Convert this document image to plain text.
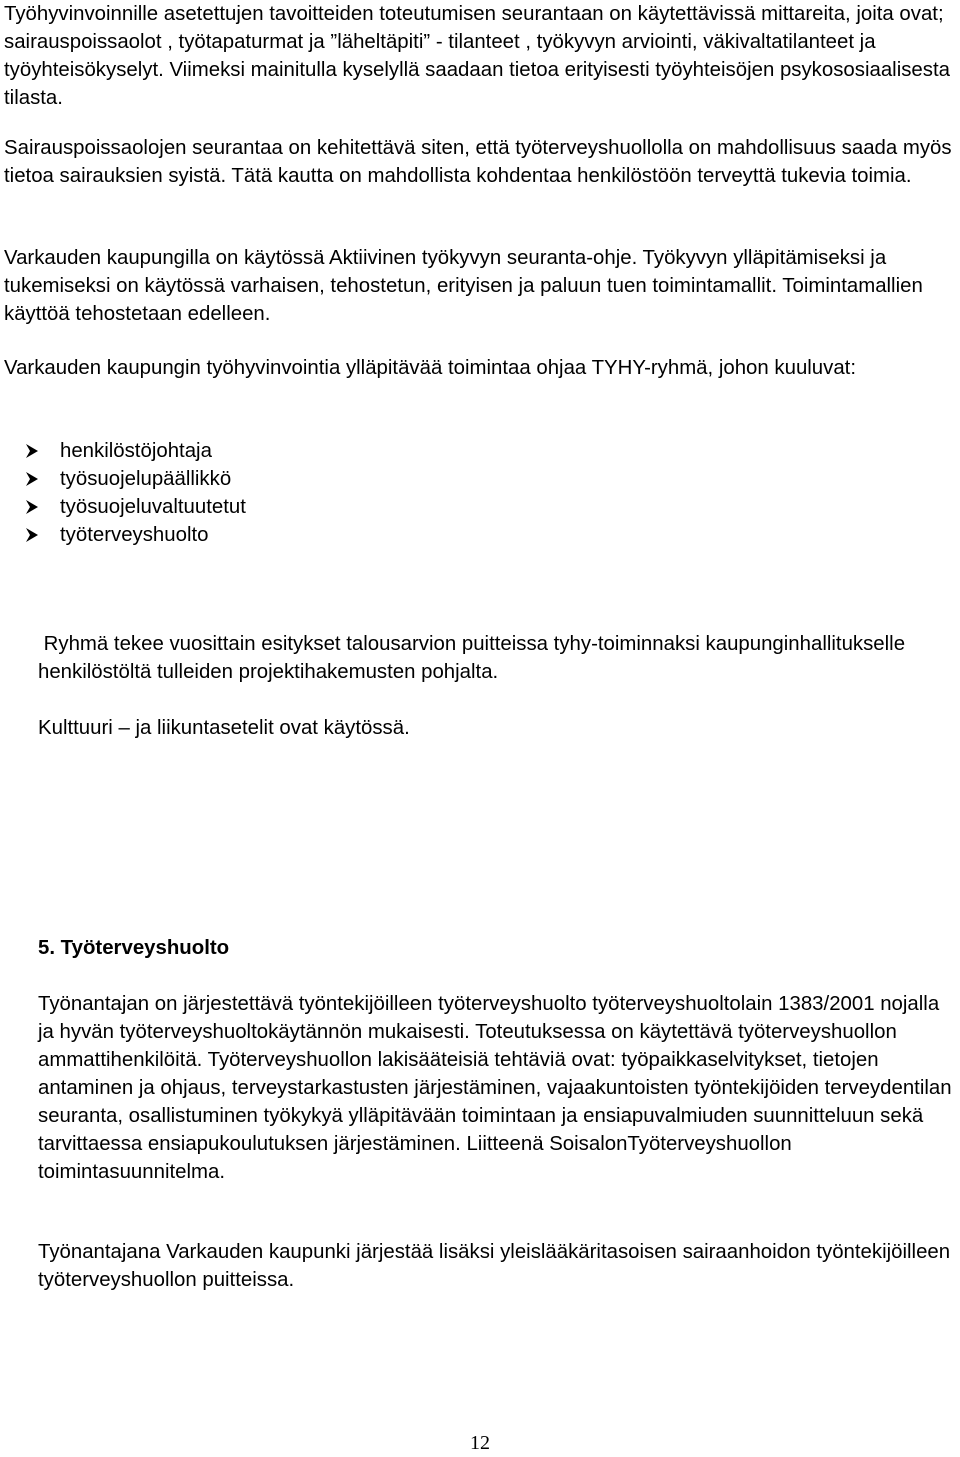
Työhyvinvoinnille asetettujen tavoitteiden toteutumisen seurantaan on käytettävissä mittareita, joita ovat; sairauspoissaolot , työtapaturmat ja ”läheltäpiti” - tilanteet , työkyvyn arviointi, väkivaltatilanteet ja työyhteisökyselyt. Viimeksi mainitulla kyselyllä saadaan tietoa erityisesti työyhteisöjen psykososiaalisesta tilasta.

Sairauspoissaolojen seurantaa on kehitettävä siten, että työterveyshuollolla on mahdollisuus saada myös tietoa sairauksien syistä. Tätä kautta on mahdollista kohdentaa henkilöstöön terveyttä tukevia toimia.

Varkauden kaupungilla on käytössä Aktiivinen työkyvyn seuranta-ohje. Työkyvyn ylläpitämiseksi ja tukemiseksi on käytössä varhaisen, tehostetun, erityisen ja paluun tuen toimintamallit. Toimintamallien käyttöä tehostetaan edelleen.

Varkauden kaupungin työhyvinvointia ylläpitävää toimintaa ohjaa TYHY-ryhmä, johon kuuluvat:

henkilöstöjohtaja
työsuojelupäällikkö
työsuojeluvaltuutetut
työterveyshuolto

Ryhmä tekee vuosittain esitykset talousarvion puitteissa tyhy-toiminnaksi kaupunginhallitukselle henkilöstöltä tulleiden projektihakemusten pohjalta.

Kulttuuri – ja liikuntasetelit ovat käytössä.

5. Työterveyshuolto

Työnantajan on järjestettävä työntekijöilleen työterveyshuolto työterveyshuoltolain 1383/2001 nojalla ja hyvän työterveyshuoltokäytännön mukaisesti. Toteutuksessa on käytettävä työterveyshuollon ammattihenkilöitä. Työterveyshuollon lakisääteisiä tehtäviä ovat: työpaikkaselvitykset, tietojen antaminen ja ohjaus, terveystarkastusten järjestäminen, vajaakuntoisten työntekijöiden terveydentilan seuranta, osallistuminen työkykyä ylläpitävään toimintaan ja ensiapuvalmiuden suunnitteluun sekä tarvittaessa ensiapukoulutuksen järjestäminen. Liitteenä SoisalonTyöterveyshuollon toimintasuunnitelma.

Työnantajana Varkauden kaupunki järjestää lisäksi yleislääkäritasoisen sairaanhoidon työntekijöilleen työterveyshuollon puitteissa.

12
